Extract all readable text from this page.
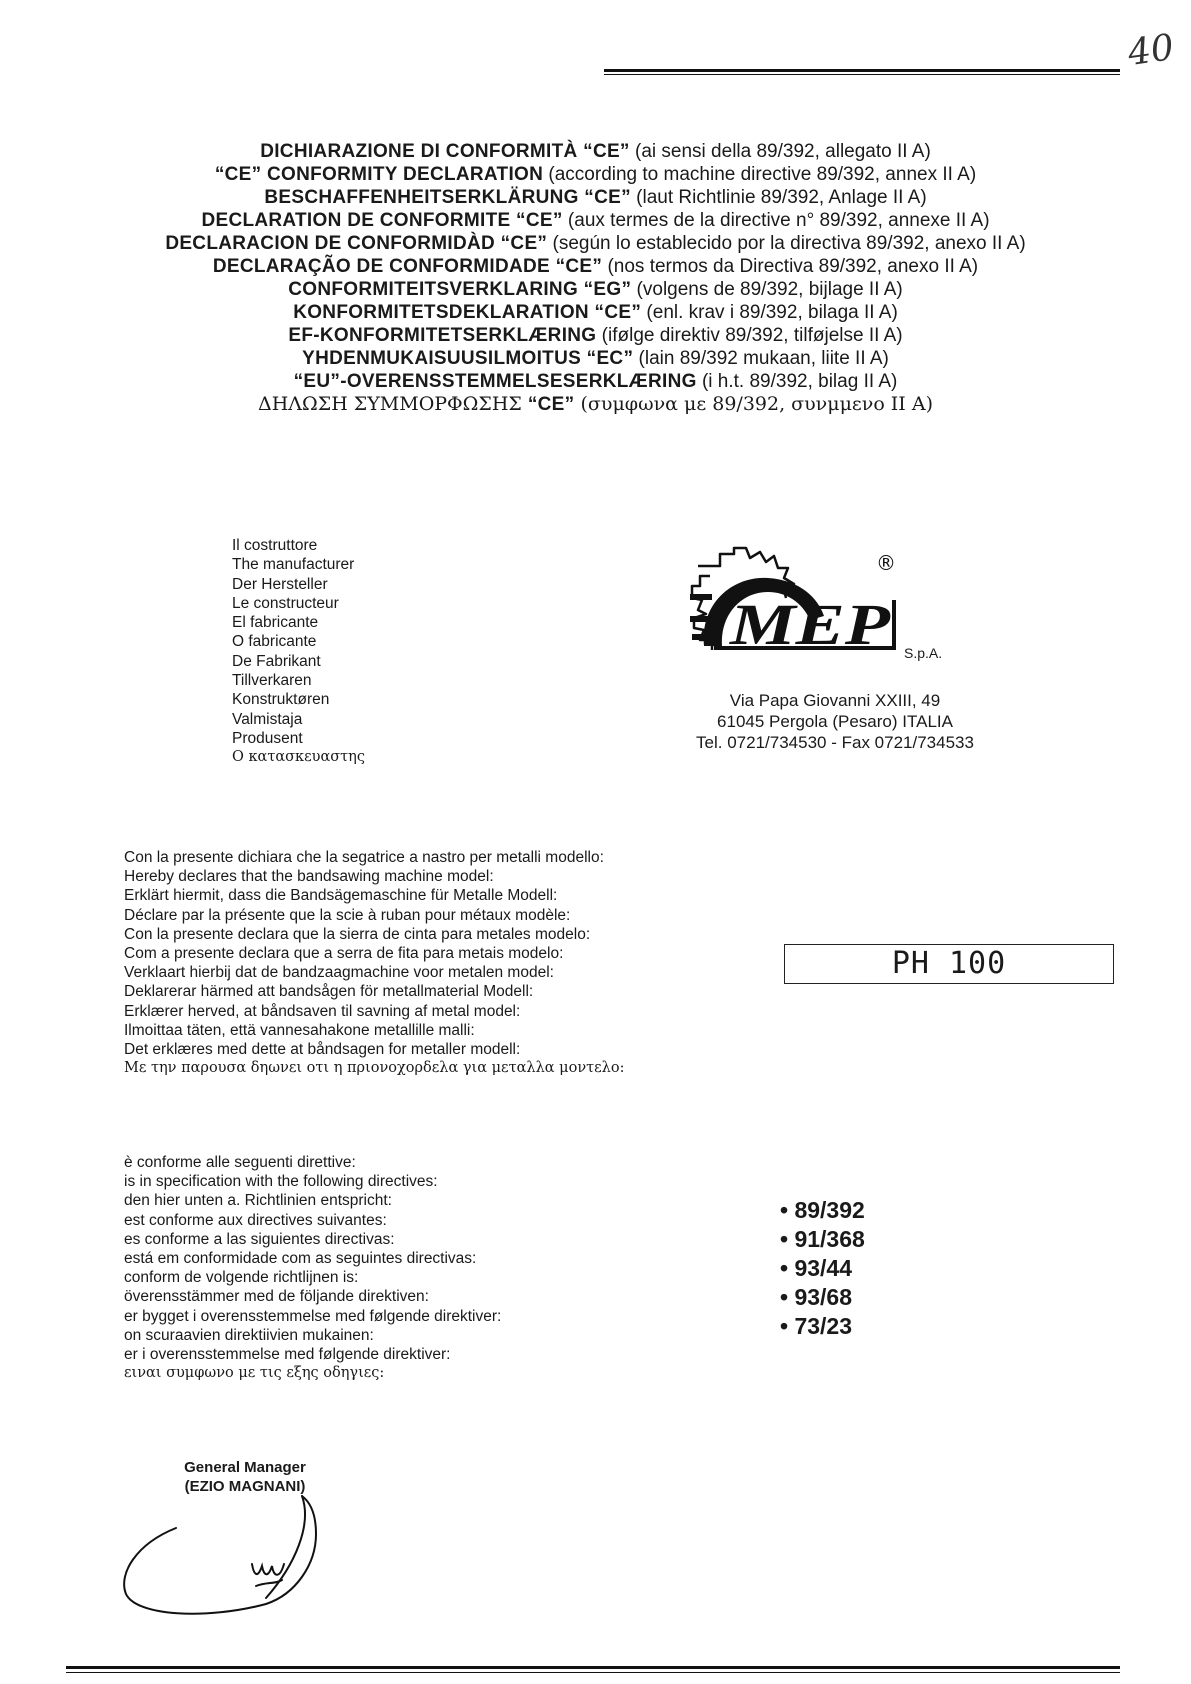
40
DICHIARAZIONE DI CONFORMITÀ “CE” (ai sensi della 89/392, allegato II A)
“CE” CONFORMITY DECLARATION (according to machine directive 89/392, annex II A)
BESCHAFFENHEITSERKLÄRUNG “CE” (laut Richtlinie 89/392, Anlage II A)
DECLARATION DE CONFORMITE “CE” (aux termes de la directive n° 89/392, annexe II A)
DECLARACION DE CONFORMIDÀD “CE” (según lo establecido por la directiva 89/392, anexo II A)
DECLARAÇÃO DE CONFORMIDADE “CE” (nos termos da Directiva 89/392, anexo II A)
CONFORMITEITSVERKLARING “EG” (volgens de 89/392, bijlage II A)
KONFORMITETSDEKLARATION “CE” (enl. krav i 89/392, bilaga II A)
EF-KONFORMITETSERKLÆRING (ifølge direktiv 89/392, tilføjelse II A)
YHDENMUKAISUUSILMOITUS “EC” (lain 89/392 mukaan, liite II A)
“EU”-OVERENSSTEMMELSESERKLÆRING (i h.t. 89/392, bilag II A)
ΔΗΛΩΣΗ ΣΥΜΜΟΡΦΩΣΗΣ “CE” (συμφωνα με 89/392, συνμμενο II A)
Il costruttore
The manufacturer
Der Hersteller
Le constructeur
El fabricante
O fabricante
De Fabrikant
Tillverkaren
Konstruktøren
Valmistaja
Produsent
Ο κατασκευαστης
MEP
®
S.p.A.
Via Papa Giovanni XXIII, 49
61045 Pergola (Pesaro) ITALIA
Tel. 0721/734530 - Fax 0721/734533
Con la presente dichiara che la segatrice a nastro per metalli modello:
Hereby declares that the bandsawing machine model:
Erklärt hiermit, dass die Bandsägemaschine für Metalle Modell:
Déclare par la présente que la scie à ruban pour métaux modèle:
Con la presente declara que la sierra de cinta para metales modelo:
Com a presente declara que a serra de fita para metais modelo:
Verklaart hierbij dat de bandzaagmachine voor metalen model:
Deklarerar härmed att bandsågen för metallmaterial Modell:
Erklærer herved, at båndsaven til savning af metal model:
Ilmoittaa täten, että vannesahakone metallille malli:
Det erklæres med dette at båndsagen for metaller modell:
Με την παρουσα δηωνει οτι η πριονοχορδελα για μεταλλα μοντελο:
PH 100
è conforme alle seguenti direttive:
is in specification with the following directives:
den hier unten a. Richtlinien entspricht:
est conforme aux directives suivantes:
es conforme a las siguientes directivas:
está em conformidade com as seguintes directivas:
conform de volgende richtlijnen is:
överensstämmer med de följande direktiven:
er bygget i overensstemmelse med følgende direktiver:
on scuraavien direktiivien mukainen:
er i overensstemmelse med følgende direktiver:
ειναι συμφωνο με τις εξης οδηγιες:
• 89/392
• 91/368
• 93/44
• 93/68
• 73/23
General Manager
(EZIO MAGNANI)
